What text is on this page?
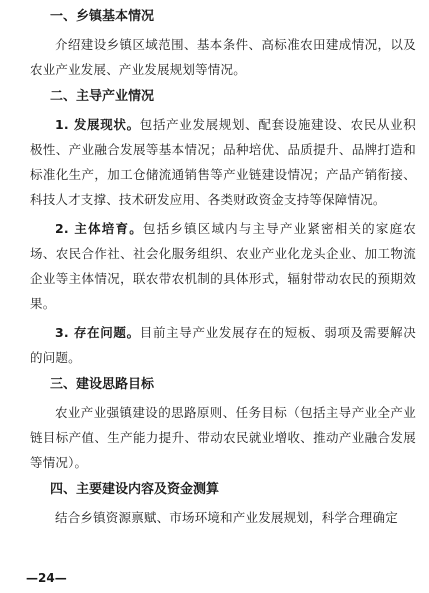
一、乡镇基本情况

介绍建设乡镇区域范围、基本条件、高标准农田建成情况，以及农业产业发展、产业发展规划等情况。

二、主导产业情况

1. 发展现状。包括产业发展规划、配套设施建设、农民从业积极性、产业融合发展等基本情况；品种培优、品质提升、品牌打造和标准化生产，加工仓储流通销售等产业链建设情况；产品产销衔接、科技人才支撑、技术研发应用、各类财政资金支持等保障情况。

2. 主体培育。包括乡镇区域内与主导产业紧密相关的家庭农场、农民合作社、社会化服务组织、农业产业化龙头企业、加工物流企业等主体情况，联农带农机制的具体形式，辐射带动农民的预期效果。

3. 存在问题。目前主导产业发展存在的短板、弱项及需要解决的问题。

三、建设思路目标

农业产业强镇建设的思路原则、任务目标（包括主导产业全产业链目标产值、生产能力提升、带动农民就业增收、推动产业融合发展等情况）。

四、主要建设内容及资金测算

结合乡镇资源禀赋、市场环境和产业发展规划，科学合理确定

—24—
